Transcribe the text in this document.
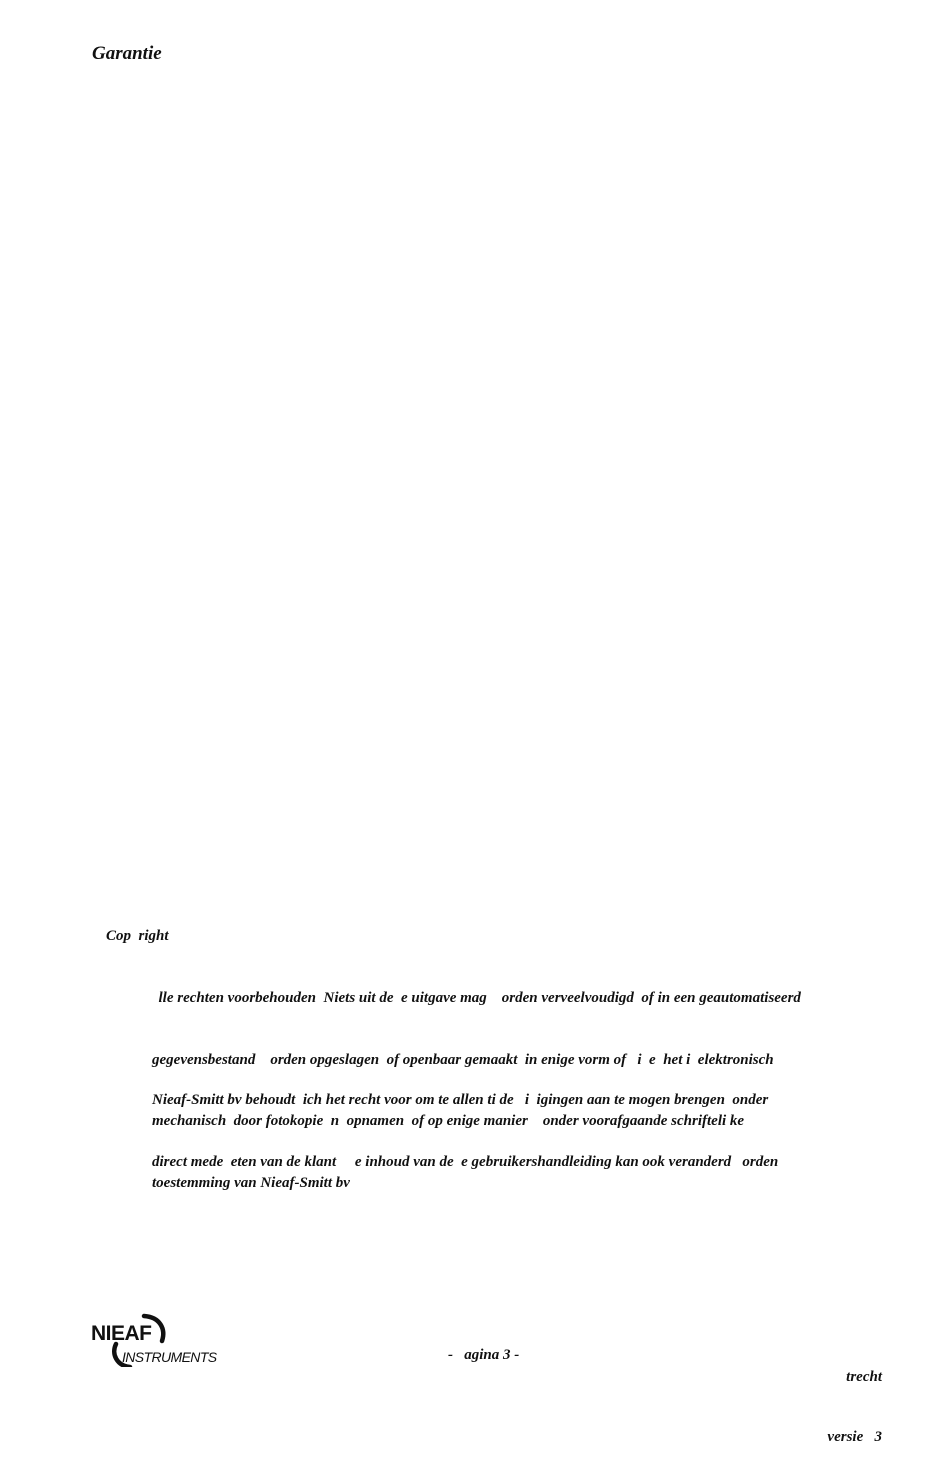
Garantie
Cop  right

lle rechten voorbehouden  Niets uit de  e uitgave mag    orden verveelvoudigd  of in een geautomatiseerd

gegevensbestand    orden opgeslagen  of openbaar gemaakt  in enige vorm of   i  e  het i  elektronisch

mechanisch  door fotokopie  n  opnamen  of op enige manier    onder voorafgaande schrifteli ke

toestemming van Nieaf-Smitt bv

Nieaf-Smitt bv behoudt  ich het recht voor om te allen ti de   i  igingen aan te mogen brengen  onder

direct mede  eten van de klant     e inhoud van de  e gebruikershandleiding kan ook veranderd   orden

NIEAF
INSTRUMENTS	-   agina 3 -

trecht

versie   3
